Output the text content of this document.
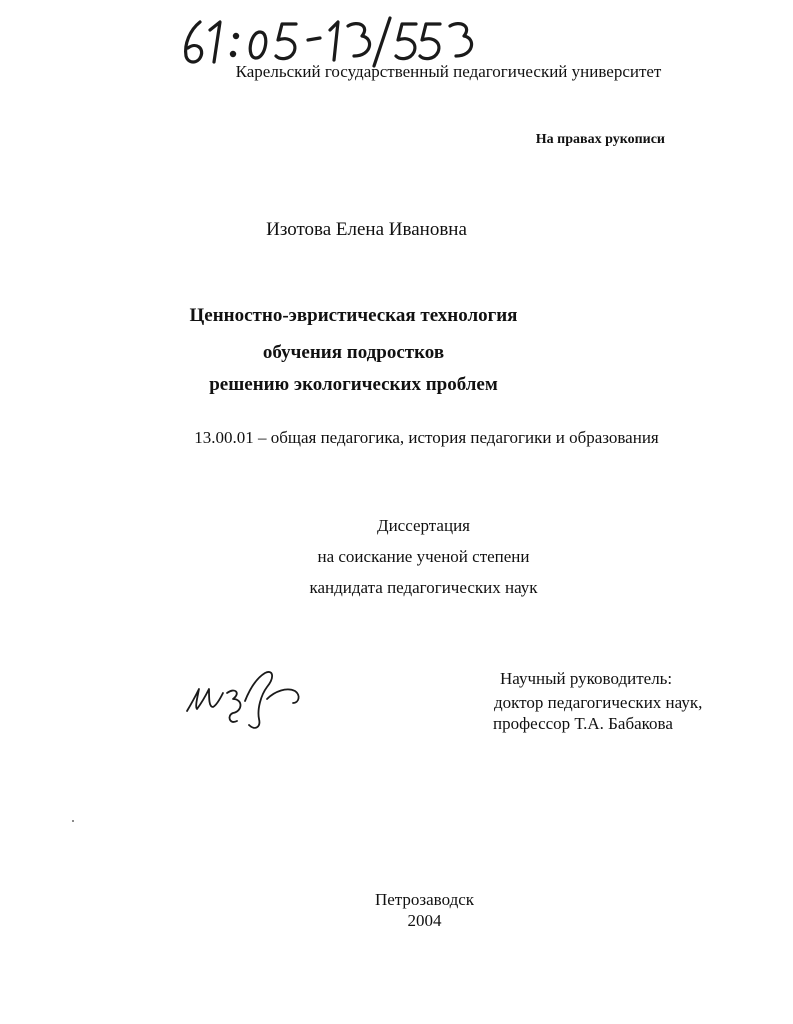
Карельский государственный педагогический университет
На правах рукописи
Изотова Елена Ивановна
Ценностно-эвристическая технология
обучения подростков
решению экологических проблем
13.00.01 – общая педагогика, история педагогики и образования
Диссертация
на соискание ученой степени
кандидата педагогических наук
Научный руководитель:
доктор педагогических наук,
профессор Т.А. Бабакова
Петрозаводск
2004
